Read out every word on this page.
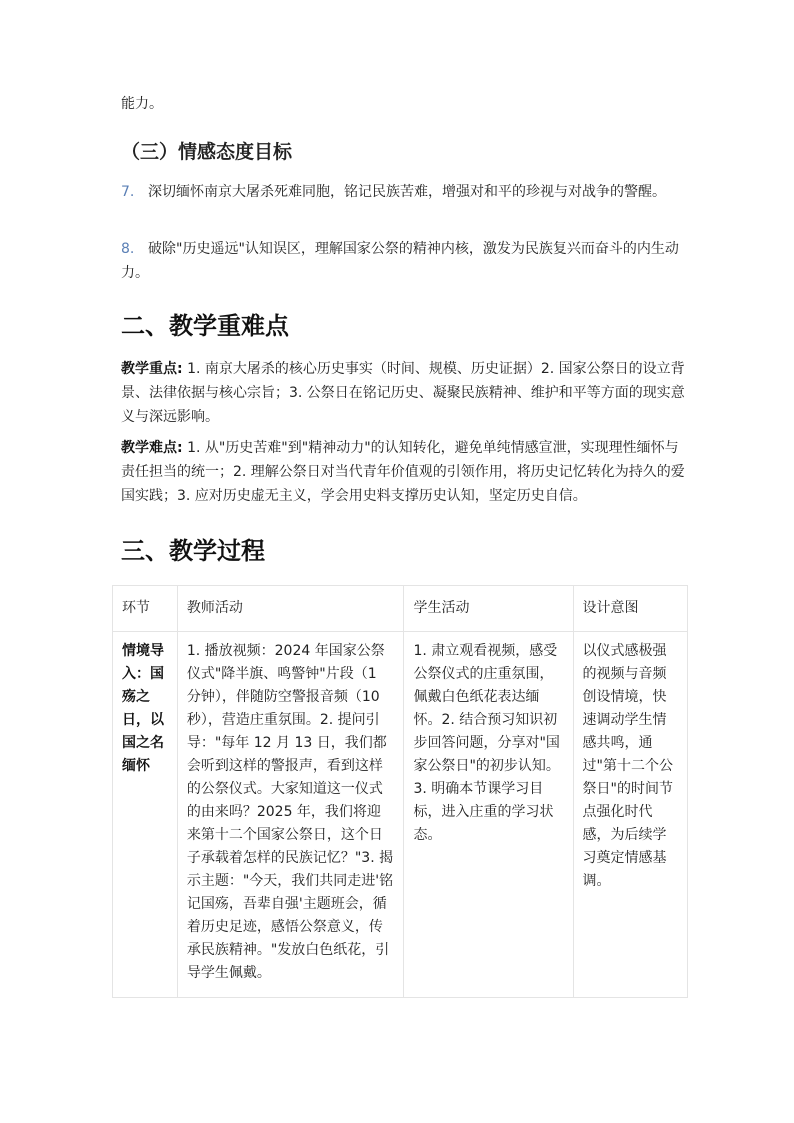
能力。
（三）情感态度目标
7. 深切缅怀南京大屠杀死难同胞，铭记民族苦难，增强对和平的珍视与对战争的警醒。
8. 破除"历史遥远"认知误区，理解国家公祭的精神内核，激发为民族复兴而奋斗的内生动力。
二、教学重难点
教学重点: 1. 南京大屠杀的核心历史事实（时间、规模、历史证据）2. 国家公祭日的设立背景、法律依据与核心宗旨；3. 公祭日在铭记历史、凝聚民族精神、维护和平等方面的现实意义与深远影响。
教学难点: 1. 从"历史苦难"到"精神动力"的认知转化，避免单纯情感宣泄，实现理性缅怀与责任担当的统一；2. 理解公祭日对当代青年价值观的引领作用，将历史记忆转化为持久的爱国实践；3. 应对历史虚无主义，学会用史料支撑历史认知，坚定历史自信。
三、教学过程
环节	教师活动	学生活动	设计意图
情境导入：国殇之日，以国之名缅怀	1. 播放视频：2024 年国家公祭仪式"降半旗、鸣警钟"片段（1 分钟），伴随防空警报音频（10 秒），营造庄重氛围。2. 提问引导："每年 12 月 13 日，我们都会听到这样的警报声，看到这样的公祭仪式。大家知道这一仪式的由来吗？2025 年，我们将迎来第十二个国家公祭日，这个日子承载着怎样的民族记忆？"3. 揭示主题："今天，我们共同走进'铭记国殇，吾辈自强'主题班会，循着历史足迹，感悟公祭意义，传承民族精神。"发放白色纸花，引导学生佩戴。	1. 肃立观看视频，感受公祭仪式的庄重氛围，佩戴白色纸花表达缅怀。2. 结合预习知识初步回答问题，分享对"国家公祭日"的初步认知。3. 明确本节课学习目标，进入庄重的学习状态。	以仪式感极强的视频与音频创设情境，快速调动学生情感共鸣，通过"第十二个公祭日"的时间节点强化时代感，为后续学习奠定情感基调。
